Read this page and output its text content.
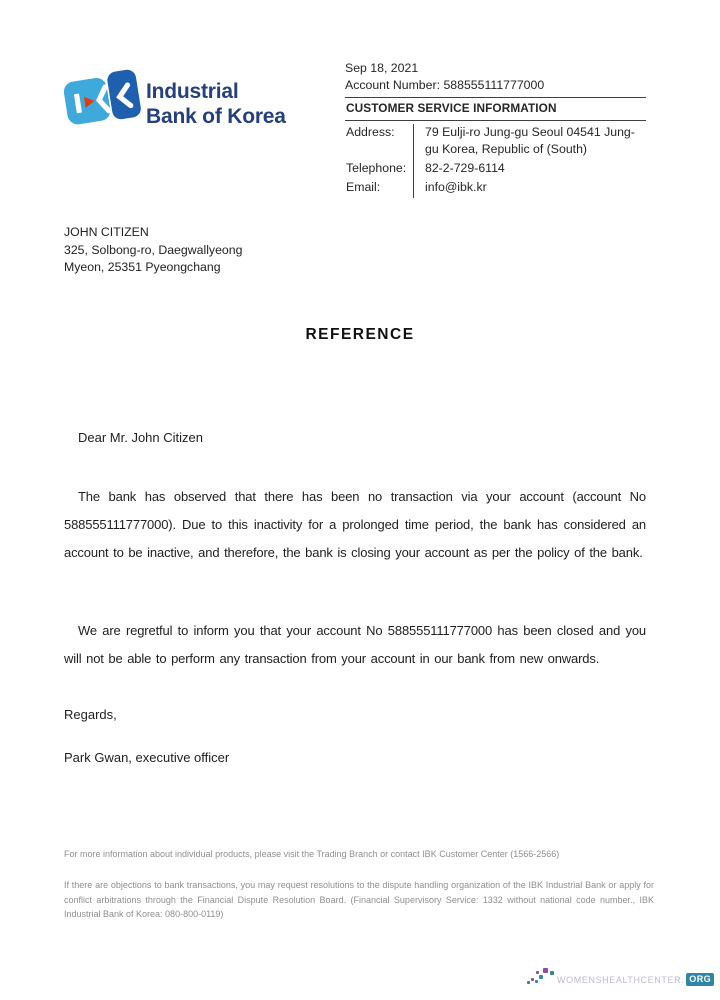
Industrial
Bank of Korea
Sep 18, 2021
Account Number: 588555111777000
CUSTOMER SERVICE INFORMATION
Address:	79 Eulji-ro Jung-gu Seoul 04541 Jung-gu Korea, Republic of (South)
Telephone:	82-2-729-6114
Email:	info@ibk.kr
JOHN CITIZEN
325, Solbong-ro, Daegwallyeong
Myeon, 25351 Pyeongchang
REFERENCE
Dear Mr. John Citizen

The bank has observed that there has been no transaction via your account (account No 588555111777000). Due to this inactivity for a prolonged time period, the bank has considered an account to be inactive, and therefore, the bank is closing your account as per the policy of the bank.

We are regretful to inform you that your account No 588555111777000 has been closed and you will not be able to perform any transaction from your account in our bank from new onwards.

Regards,
Park Gwan, executive officer
For more information about individual products, please visit the Trading Branch or contact IBK Customer Center (1566-2566)
If there are objections to bank transactions, you may request resolutions to the dispute handling organization of the IBK Industrial Bank or apply for conflict arbitrations through the Financial Dispute Resolution Board. (Financial Supervisory Service: 1332 without national code number., IBK Industrial Bank of Korea: 080-800-0119)
WOMENSHEALTHCENTER. ORG
